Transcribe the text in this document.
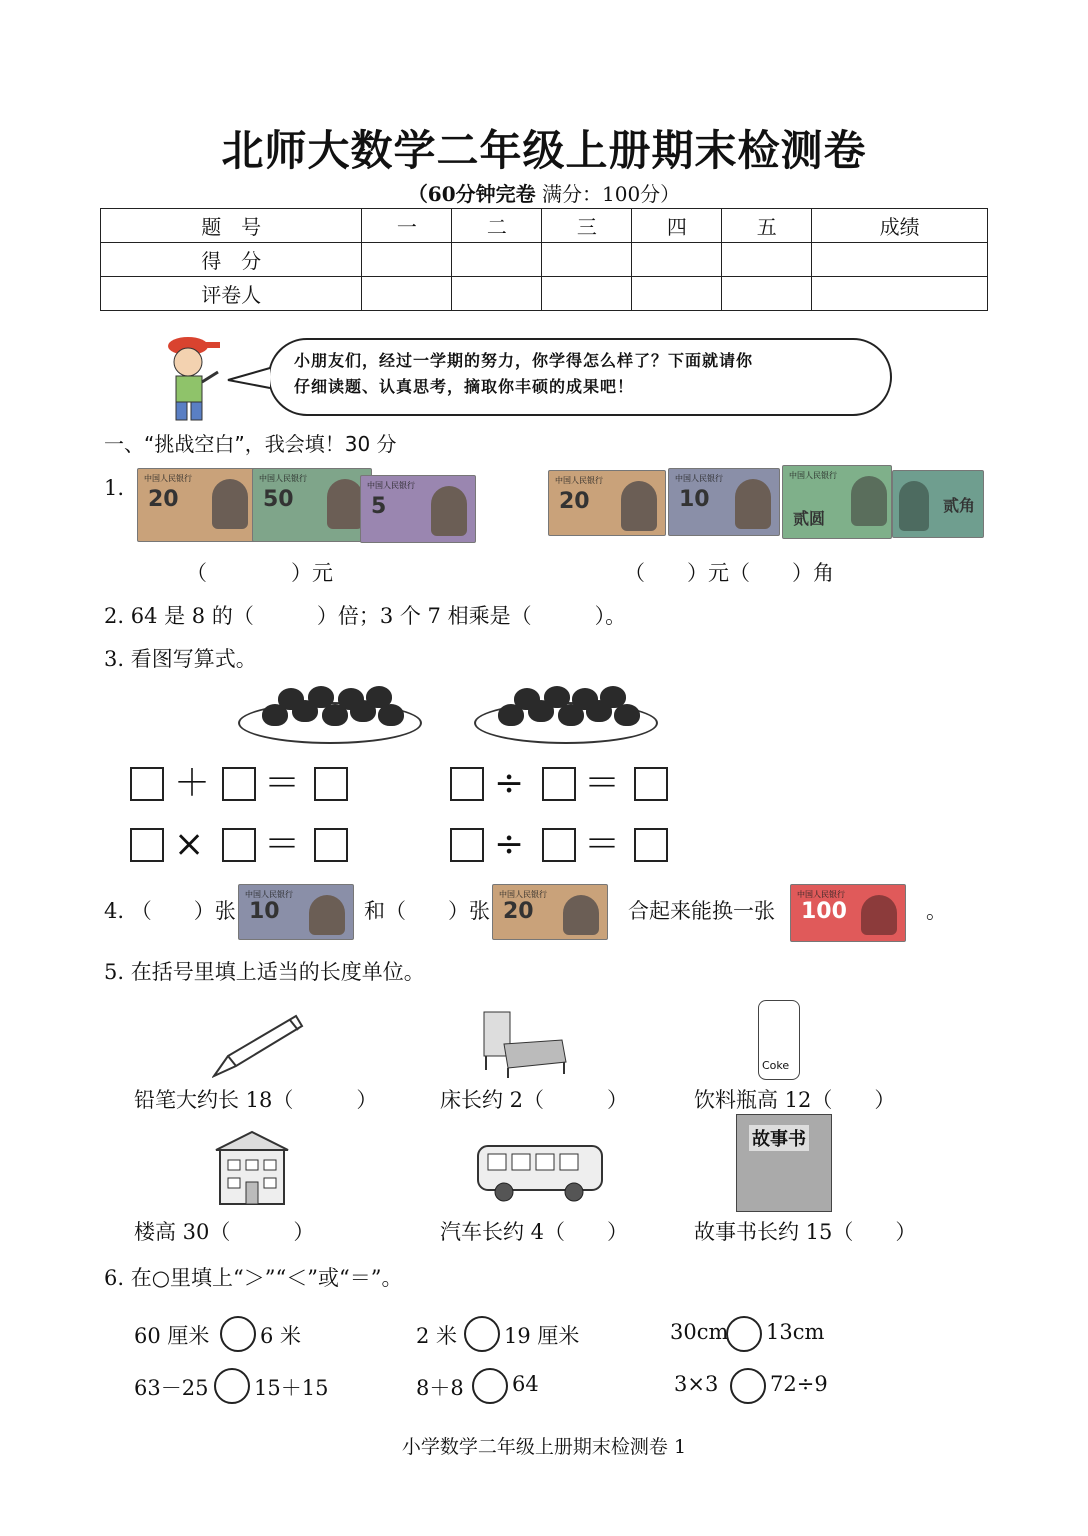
北师大数学二年级上册期末检测卷
（60分钟完卷 满分：100分）
题　号	一	二	三	四	五	成绩
得　分						
评卷人						
小朋友们，经过一学期的努力，你学得怎么样了？下面就请你
仔细读题、认真思考，摘取你丰硕的成果吧！
一、“挑战空白”，我会填！30 分
1. 中国人民银行
20
中国人民银行
50
中国人民银行
5
中国人民银行
20
中国人民银行
10
中国人民银行
贰圆
贰角
（　　　　）元	（　　）元（　　）角
2. 64 是 8 的（　　　）倍；3 个 7 相乘是（　　　）。
3. 看图写算式。
＋ ＝	÷ ＝
× ＝	÷ ＝
4. （　　）张
中国人民银行
10	和（　　）张
中国人民银行
20	合起来能换一张
中国人民银行
100	。
5. 在括号里填上适当的长度单位。
Coke
铅笔大约长 18（　　　）	床长约 2（　　　）	饮料瓶高 12（　　）
故事书
楼高 30（　　　）	汽车长约 4（　　）	故事书长约 15（　　）
6. 在○里填上“＞”“＜”或“＝”。
60 厘米 6 米	2 米 19 厘米	30cm 13cm
63－25 15＋15	8＋8 64	3×3 72÷9
小学数学二年级上册期末检测卷 1
